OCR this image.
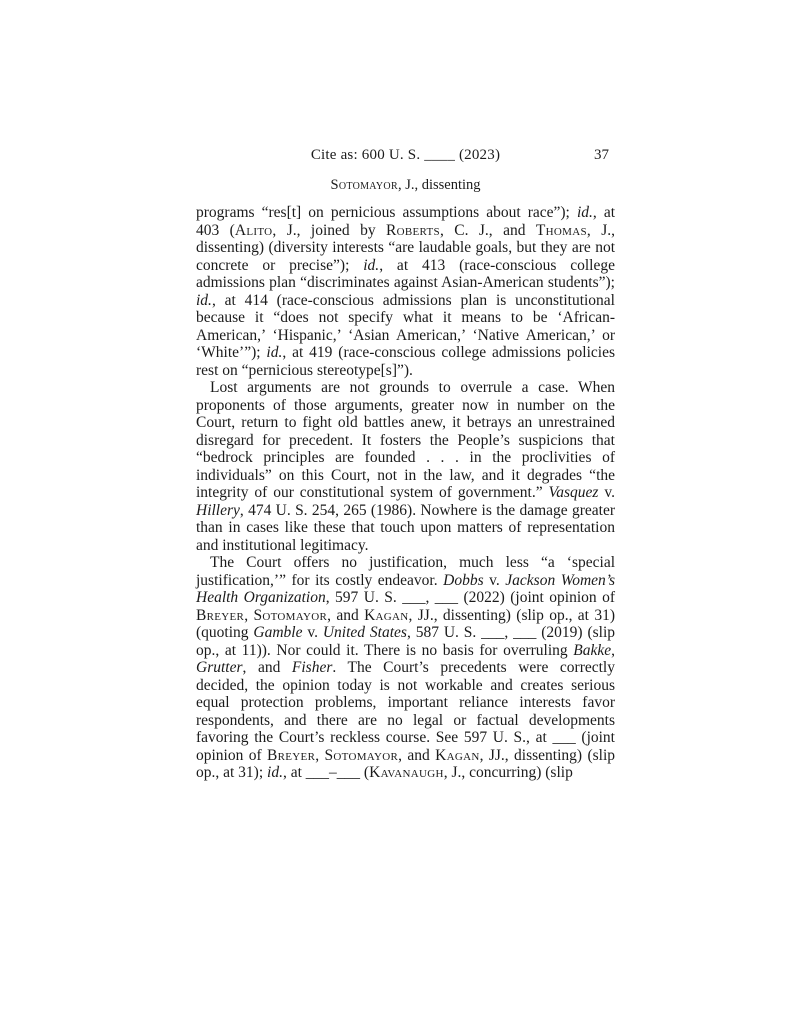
Cite as: 600 U. S. ____ (2023)	37
Sotomayor, J., dissenting

programs “res[t] on pernicious assumptions about race”); id., at 403 (Alito, J., joined by Roberts, C. J., and Thomas, J., dissenting) (diversity interests “are laudable goals, but they are not concrete or precise”); id., at 413 (race-conscious college admissions plan “discriminates against Asian-American students”); id., at 414 (race-conscious admissions plan is unconstitutional because it “does not specify what it means to be ‘African-American,’ ‘Hispanic,’ ‘Asian American,’ ‘Native American,’ or ‘White’”); id., at 419 (race-conscious college admissions policies rest on “pernicious stereotype[s]”).

Lost arguments are not grounds to overrule a case. When proponents of those arguments, greater now in number on the Court, return to fight old battles anew, it betrays an unrestrained disregard for precedent. It fosters the People’s suspicions that “bedrock principles are founded . . . in the proclivities of individuals” on this Court, not in the law, and it degrades “the integrity of our constitutional system of government.” Vasquez v. Hillery, 474 U. S. 254, 265 (1986). Nowhere is the damage greater than in cases like these that touch upon matters of representation and institutional legitimacy.

The Court offers no justification, much less “a ‘special justification,’” for its costly endeavor. Dobbs v. Jackson Women’s Health Organization, 597 U. S. ___, ___ (2022) (joint opinion of Breyer, Sotomayor, and Kagan, JJ., dissenting) (slip op., at 31) (quoting Gamble v. United States, 587 U. S. ___, ___ (2019) (slip op., at 11)). Nor could it. There is no basis for overruling Bakke, Grutter, and Fisher. The Court’s precedents were correctly decided, the opinion today is not workable and creates serious equal protection problems, important reliance interests favor respondents, and there are no legal or factual developments favoring the Court’s reckless course. See 597 U. S., at ___ (joint opinion of Breyer, Sotomayor, and Kagan, JJ., dissenting) (slip op., at 31); id., at ___–___ (Kavanaugh, J., concurring) (slip
